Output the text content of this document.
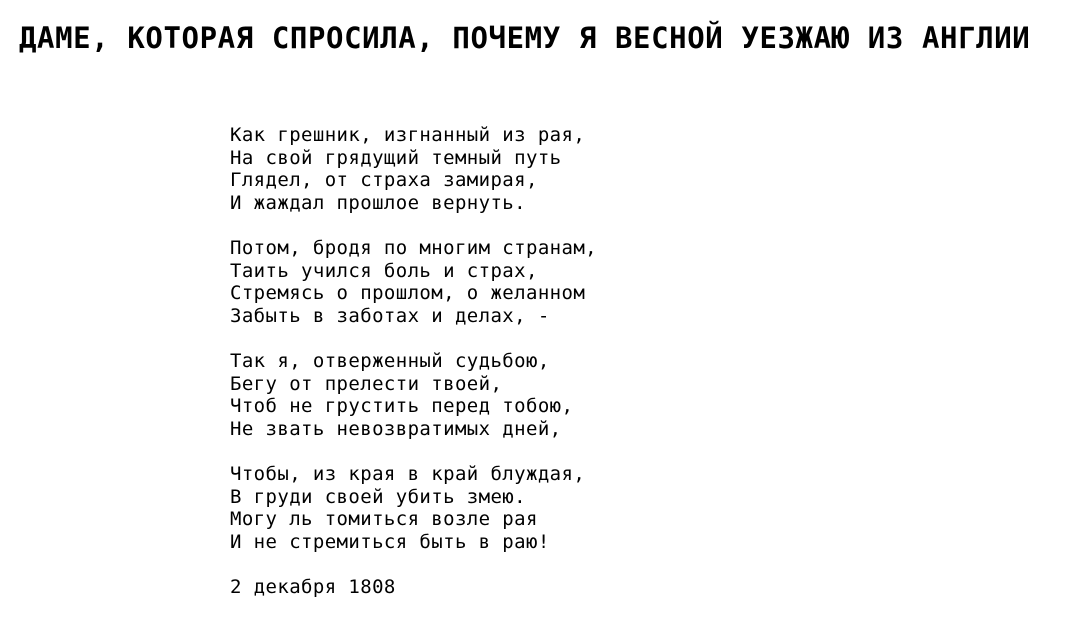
ДАМЕ, КОТОРАЯ СПРОСИЛА, ПОЧЕМУ Я ВЕСНОЙ УЕЗЖАЮ ИЗ АНГЛИИ
Как грешник, изгнанный из рая,
На свой грядущий темный путь
Глядел, от страха замирая,
И жаждал прошлое вернуть.
Потом, бродя по многим странам,
Таить учился боль и страх,
Стремясь о прошлом, о желанном
Забыть в заботах и делах, -
Так я, отверженный судьбою,
Бегу от прелести твоей,
Чтоб не грустить перед тобою,
Не звать невозвратимых дней,
Чтобы, из края в край блуждая,
В груди своей убить змею.
Могу ль томиться возле рая
И не стремиться быть в раю!
2 декабря 1808
